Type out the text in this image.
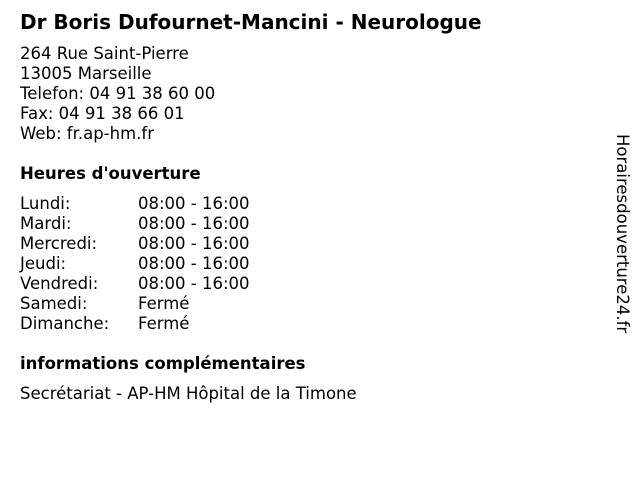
Dr Boris Dufournet-Mancini - Neurologue
264 Rue Saint-Pierre
13005 Marseille
Telefon: 04 91 38 60 00
Fax: 04 91 38 66 01
Web: fr.ap-hm.fr
Heures d'ouverture
Lundi:	08:00 - 16:00
Mardi:	08:00 - 16:00
Mercredi:	08:00 - 16:00
Jeudi:	08:00 - 16:00
Vendredi:	08:00 - 16:00
Samedi:	Fermé
Dimanche:	Fermé
informations complémentaires
Secrétariat - AP-HM Hôpital de la Timone
Horairesdouverture24.fr
